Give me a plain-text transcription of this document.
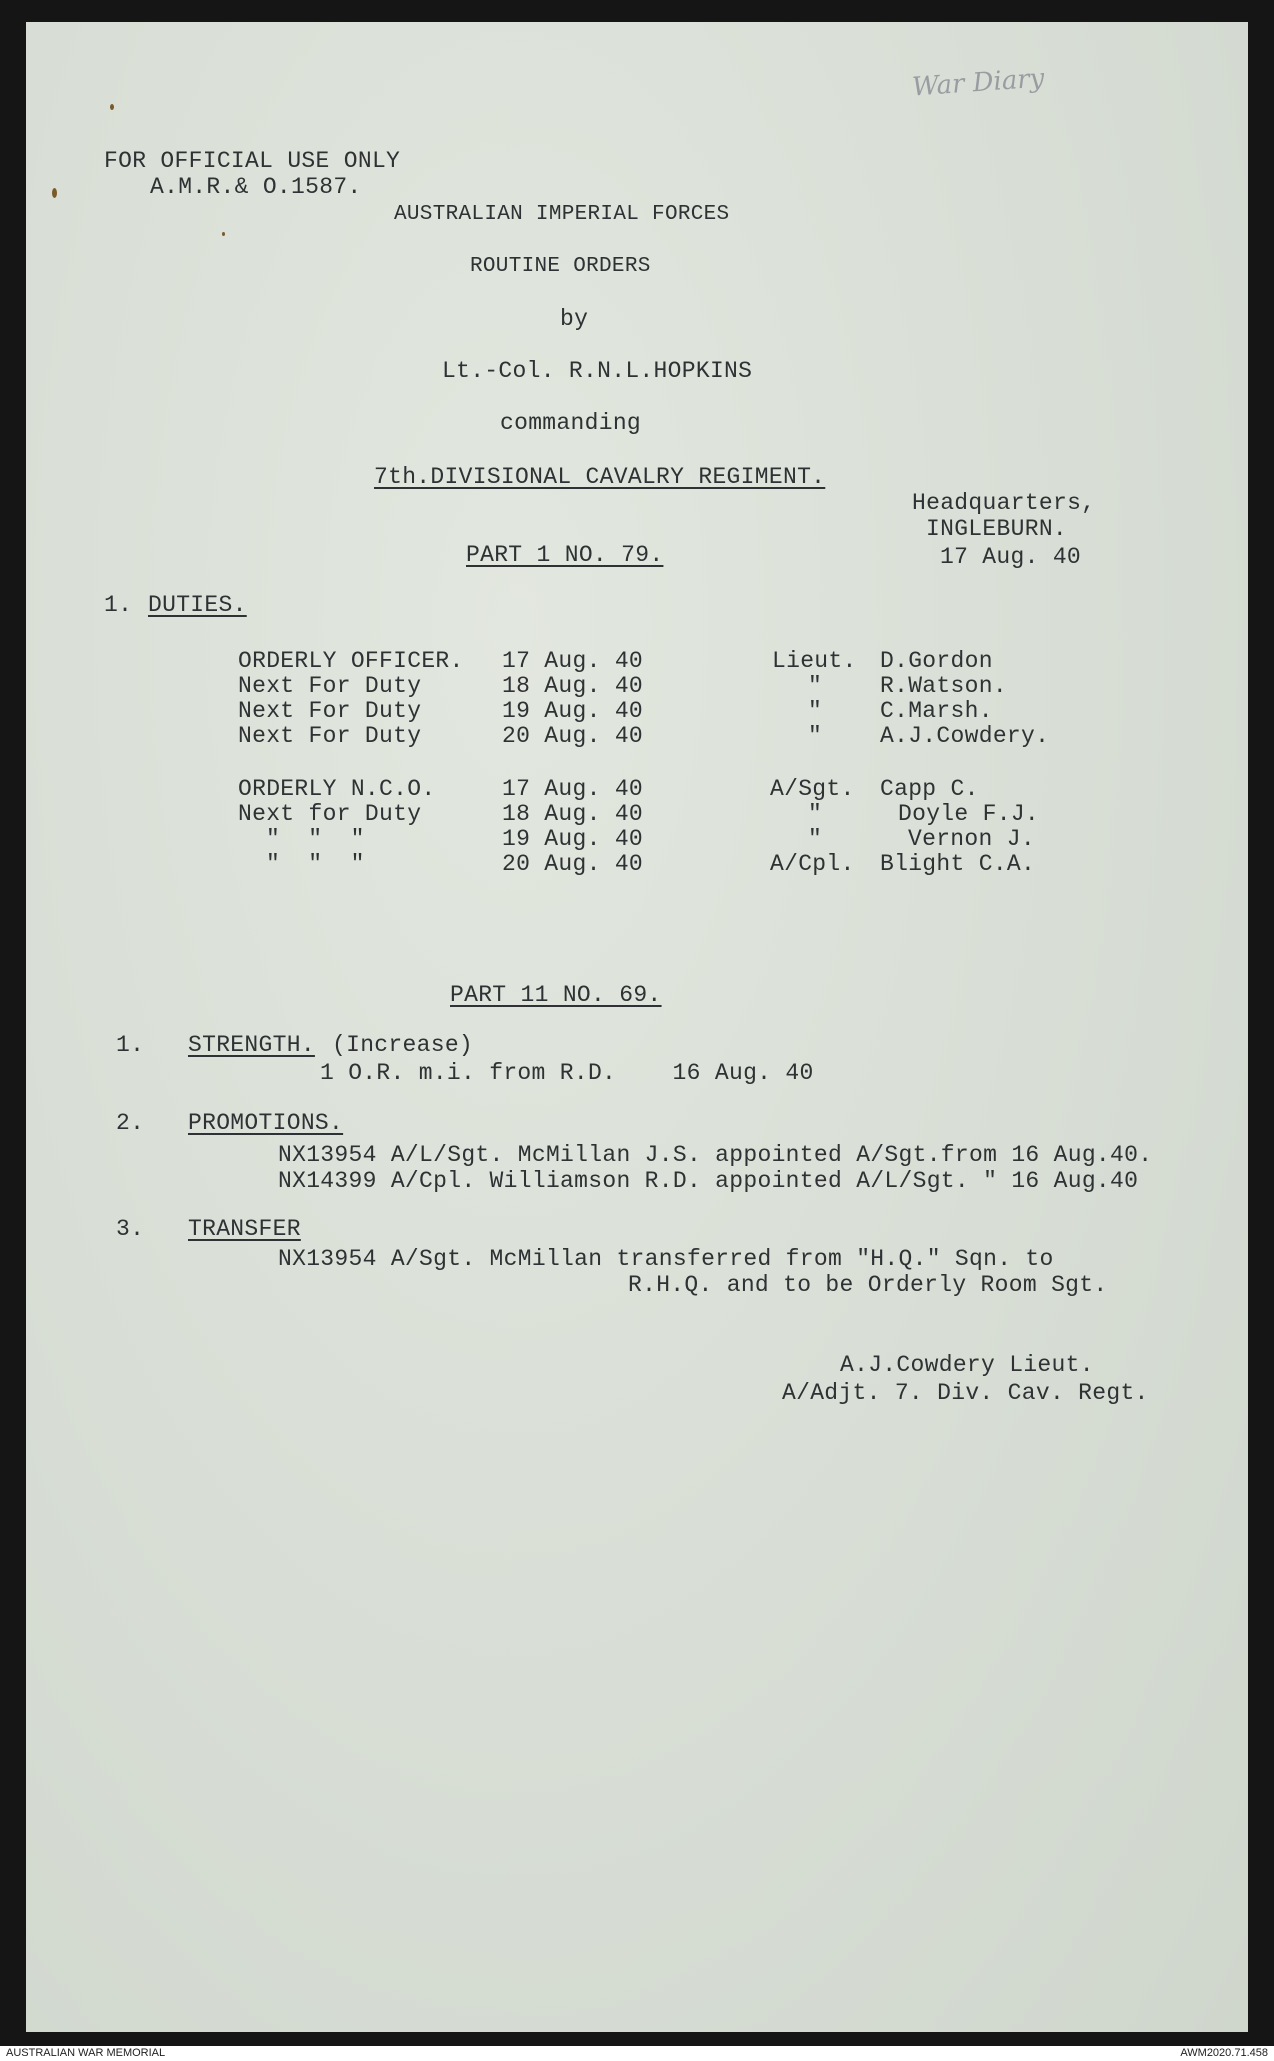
War Diary
FOR OFFICIAL USE ONLY
A.M.R.& O.1587.
AUSTRALIAN IMPERIAL FORCES
ROUTINE ORDERS
by
Lt.-Col. R.N.L.HOPKINS
commanding
7th.DIVISIONAL CAVALRY REGIMENT.
Headquarters,
INGLEBURN.
17 Aug. 40
PART 1 NO. 79.
1. DUTIES.
ORDERLY OFFICER. 17 Aug. 40	Lieut. D.Gordon
Next For Duty	18 Aug. 40	"	R.Watson.
Next For Duty	19 Aug. 40	"	C.Marsh.
Next For Duty	20 Aug. 40	"	A.J.Cowdery.
ORDERLY N.C.O.	17 Aug. 40	A/Sgt. Capp C.
Next for Duty	18 Aug. 40	"	Doyle F.J.
"  "  "	19 Aug. 40	"	Vernon J.
"  "  "	20 Aug. 40	A/Cpl. Blight C.A.
PART 11 NO. 69.
1. STRENGTH. (Increase)
1 O.R. m.i. from R.D.    16 Aug. 40
2. PROMOTIONS.
NX13954 A/L/Sgt. McMillan J.S. appointed A/Sgt.from 16 Aug.40.
NX14399 A/Cpl. Williamson R.D. appointed A/L/Sgt. " 16 Aug.40
3. TRANSFER
NX13954 A/Sgt. McMillan transferred from "H.Q." Sqn. to
R.H.Q. and to be Orderly Room Sgt.
A.J.Cowdery Lieut.
A/Adjt. 7. Div. Cav. Regt.
AUSTRALIAN WAR MEMORIAL	AWM2020.71.458
